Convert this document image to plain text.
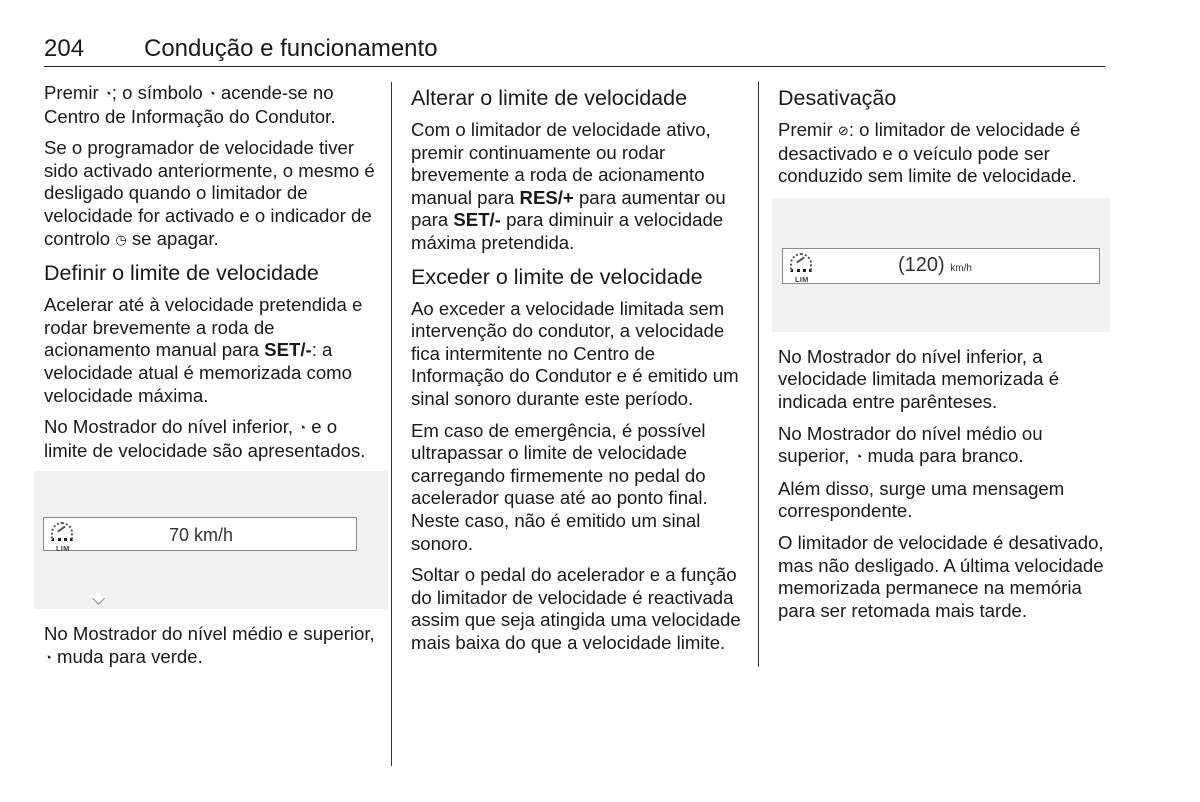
204 Condução e funcionamento

Premir ◔; o símbolo ◔ acende-se no Centro de Informação do Condutor.

Se o programador de velocidade tiver sido activado anteriormente, o mesmo é desligado quando o limitador de velocidade for activado e o indicador de controlo ◷ se apagar.

Definir o limite de velocidade

Acelerar até à velocidade pretendida e rodar brevemente a roda de acionamento manual para SET/-: a velocidade atual é memorizada como velocidade máxima.

No Mostrador do nível inferior, ◔ e o limite de velocidade são apresentados.

LIM
70 km/h

No Mostrador do nível médio e superior, ◔ muda para verde.

Alterar o limite de velocidade

Com o limitador de velocidade ativo, premir continuamente ou rodar brevemente a roda de acionamento manual para RES/+ para aumentar ou para SET/- para diminuir a velocidade máxima pretendida.

Exceder o limite de velocidade

Ao exceder a velocidade limitada sem intervenção do condutor, a velocidade fica intermitente no Centro de Informação do Condutor e é emitido um sinal sonoro durante este período.

Em caso de emergência, é possível ultrapassar o limite de velocidade carregando firmemente no pedal do acelerador quase até ao ponto final. Neste caso, não é emitido um sinal sonoro.

Soltar o pedal do acelerador e a função do limitador de velocidade é reactivada assim que seja atingida uma velocidade mais baixa do que a velocidade limite.

Desativação

Premir ⊘: o limitador de velocidade é desactivado e o veículo pode ser conduzido sem limite de velocidade.

LIM
(120) km/h

No Mostrador do nível inferior, a velocidade limitada memorizada é indicada entre parênteses.

No Mostrador do nível médio ou superior, ◔ muda para branco.

Além disso, surge uma mensagem correspondente.

O limitador de velocidade é desativado, mas não desligado. A última velocidade memorizada permanece na memória para ser retomada mais tarde.
